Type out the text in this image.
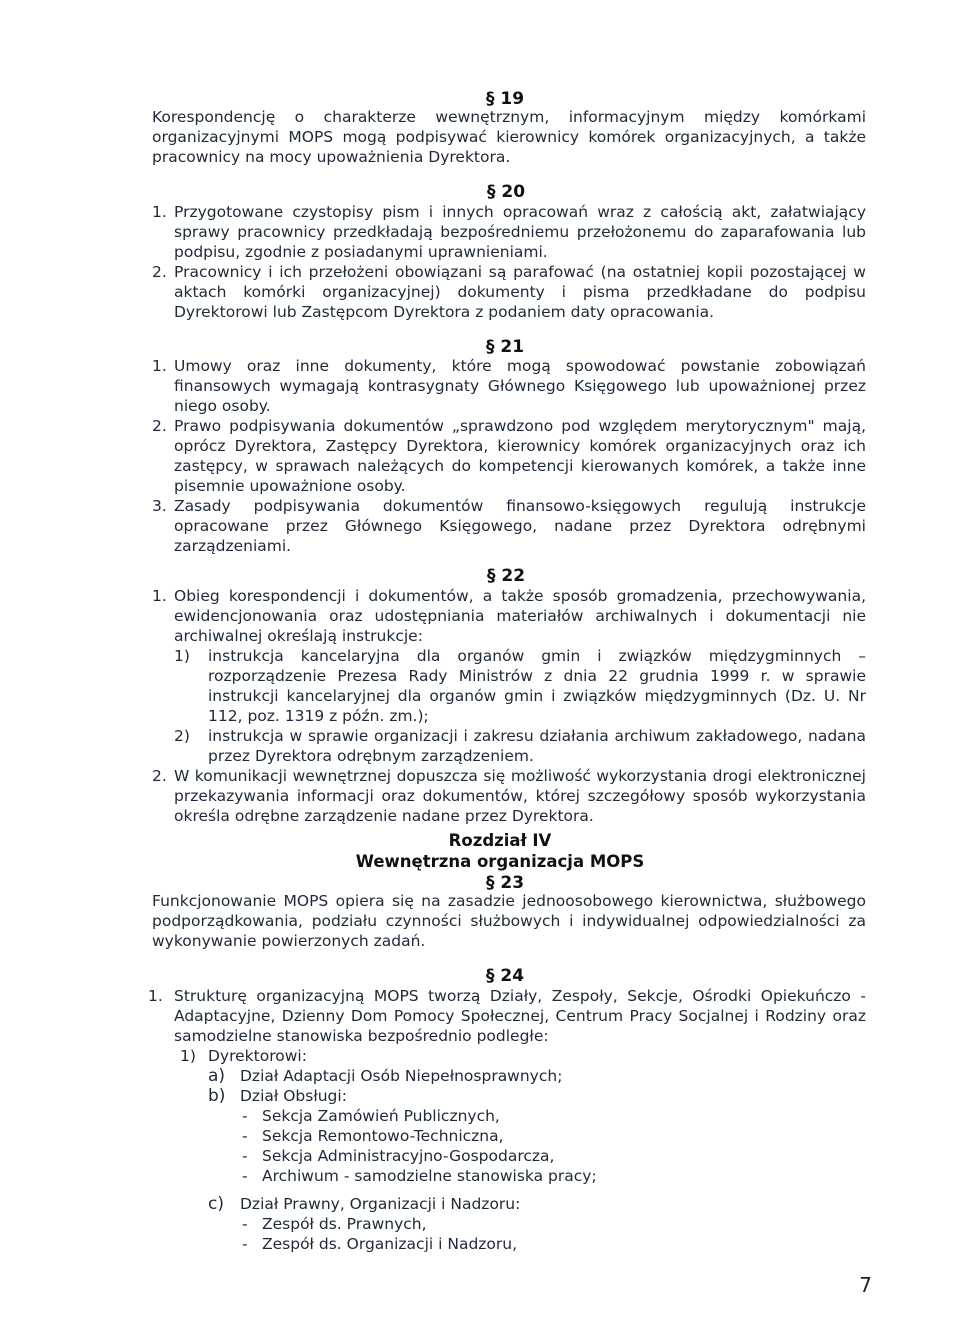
§ 19
Korespondencję o charakterze wewnętrznym, informacyjnym między komórkami organizacyjnymi MOPS mogą podpisywać kierownicy komórek organizacyjnych, a także pracownicy na mocy upoważnienia Dyrektora.
§ 20
1. Przygotowane czystopisy pism i innych opracowań wraz z całością akt, załatwiający sprawy pracownicy przedkładają bezpośredniemu przełożonemu do zaparafowania lub podpisu, zgodnie z posiadanymi uprawnieniami.
2. Pracownicy i ich przełożeni obowiązani są parafować (na ostatniej kopii pozostającej w aktach komórki organizacyjnej) dokumenty i pisma przedkładane do podpisu Dyrektorowi lub Zastępcom Dyrektora z podaniem daty opracowania.
§ 21
1. Umowy oraz inne dokumenty, które mogą spowodować powstanie zobowiązań finansowych wymagają kontrasygnaty Głównego Księgowego lub upoważnionej przez niego osoby.
2. Prawo podpisywania dokumentów „sprawdzono pod względem merytorycznym" mają, oprócz Dyrektora, Zastępcy Dyrektora, kierownicy komórek organizacyjnych oraz ich zastępcy, w sprawach należących do kompetencji kierowanych komórek, a także inne pisemnie upoważnione osoby.
3. Zasady podpisywania dokumentów finansowo-księgowych regulują instrukcje opracowane przez Głównego Księgowego, nadane przez Dyrektora odrębnymi zarządzeniami.
§ 22
1. Obieg korespondencji i dokumentów, a także sposób gromadzenia, przechowywania, ewidencjonowania oraz udostępniania materiałów archiwalnych i dokumentacji nie archiwalnej określają instrukcje:
1)	instrukcja kancelaryjna dla organów gmin i związków międzygminnych – rozporządzenie Prezesa Rady Ministrów z dnia 22 grudnia 1999 r. w sprawie instrukcji kancelaryjnej dla organów gmin i związków międzygminnych (Dz. U. Nr 112, poz. 1319 z późn. zm.);
2)	instrukcja w sprawie organizacji i zakresu działania archiwum zakładowego, nadana przez Dyrektora odrębnym zarządzeniem.
2. W komunikacji wewnętrznej dopuszcza się możliwość wykorzystania drogi elektronicznej przekazywania informacji oraz dokumentów, której szczegółowy sposób wykorzystania określa odrębne zarządzenie nadane przez Dyrektora.
Rozdział IV
Wewnętrzna organizacja MOPS
§ 23
Funkcjonowanie MOPS opiera się na zasadzie jednoosobowego kierownictwa, służbowego podporządkowania, podziału czynności służbowych i indywidualnej odpowiedzialności za wykonywanie powierzonych zadań.
§ 24
1. Strukturę organizacyjną MOPS tworzą Działy, Zespoły, Sekcje, Ośrodki Opiekuńczo - Adaptacyjne, Dzienny Dom Pomocy Społecznej, Centrum Pracy Socjalnej i Rodziny oraz samodzielne stanowiska bezpośrednio podległe:
1) Dyrektorowi:
a) Dział Adaptacji Osób Niepełnosprawnych;
b) Dział Obsługi:
- Sekcja Zamówień Publicznych,
- Sekcja Remontowo-Techniczna,
- Sekcja Administracyjno-Gospodarcza,
- Archiwum - samodzielne stanowiska pracy;
c)	Dział Prawny, Organizacji i Nadzoru:
- Zespół ds. Prawnych,
- Zespół ds. Organizacji i Nadzoru,
7
